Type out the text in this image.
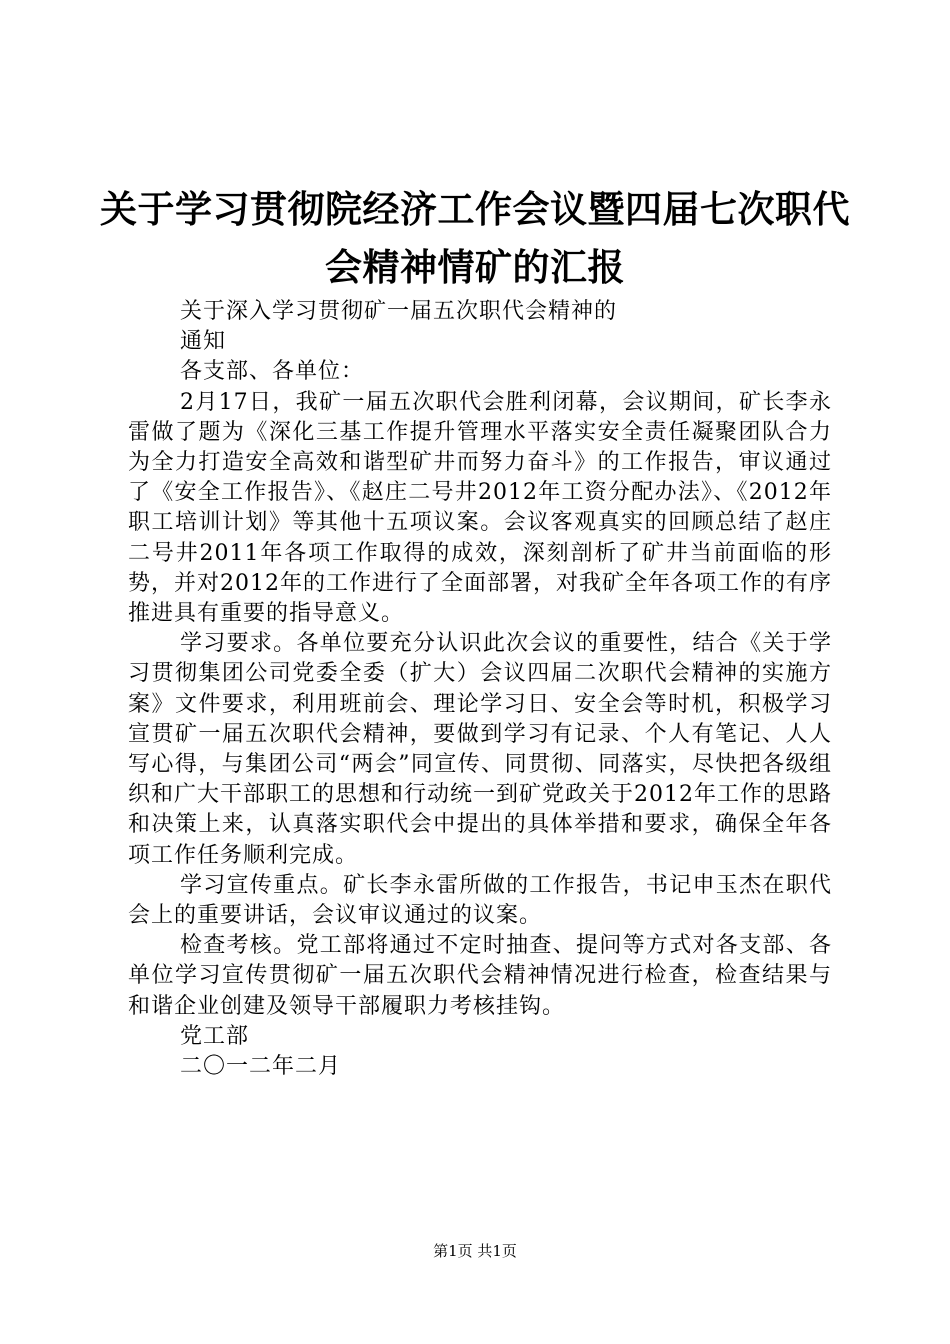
关于学习贯彻院经济工作会议暨四届七次职代
会精神情矿的汇报

关于深入学习贯彻矿一届五次职代会精神的

通知

各支部、各单位：

2月17日，我矿一届五次职代会胜利闭幕，会议期间，矿长李永雷做了题为《深化三基工作提升管理水平落实安全责任凝聚团队合力为全力打造安全高效和谐型矿井而努力奋斗》的工作报告，审议通过了《安全工作报告》、《赵庄二号井2012年工资分配办法》、《2012年职工培训计划》等其他十五项议案。会议客观真实的回顾总结了赵庄二号井2011年各项工作取得的成效，深刻剖析了矿井当前面临的形势，并对2012年的工作进行了全面部署，对我矿全年各项工作的有序推进具有重要的指导意义。

学习要求。各单位要充分认识此次会议的重要性，结合《关于学习贯彻集团公司党委全委（扩大）会议四届二次职代会精神的实施方案》文件要求，利用班前会、理论学习日、安全会等时机，积极学习宣贯矿一届五次职代会精神，要做到学习有记录、个人有笔记、人人写心得，与集团公司“两会”同宣传、同贯彻、同落实，尽快把各级组织和广大干部职工的思想和行动统一到矿党政关于2012年工作的思路和决策上来，认真落实职代会中提出的具体举措和要求，确保全年各项工作任务顺利完成。

学习宣传重点。矿长李永雷所做的工作报告，书记申玉杰在职代会上的重要讲话，会议审议通过的议案。

检查考核。党工部将通过不定时抽查、提问等方式对各支部、各单位学习宣传贯彻矿一届五次职代会精神情况进行检查，检查结果与和谐企业创建及领导干部履职力考核挂钩。

党工部

二〇一二年二月

第1页 共1页
